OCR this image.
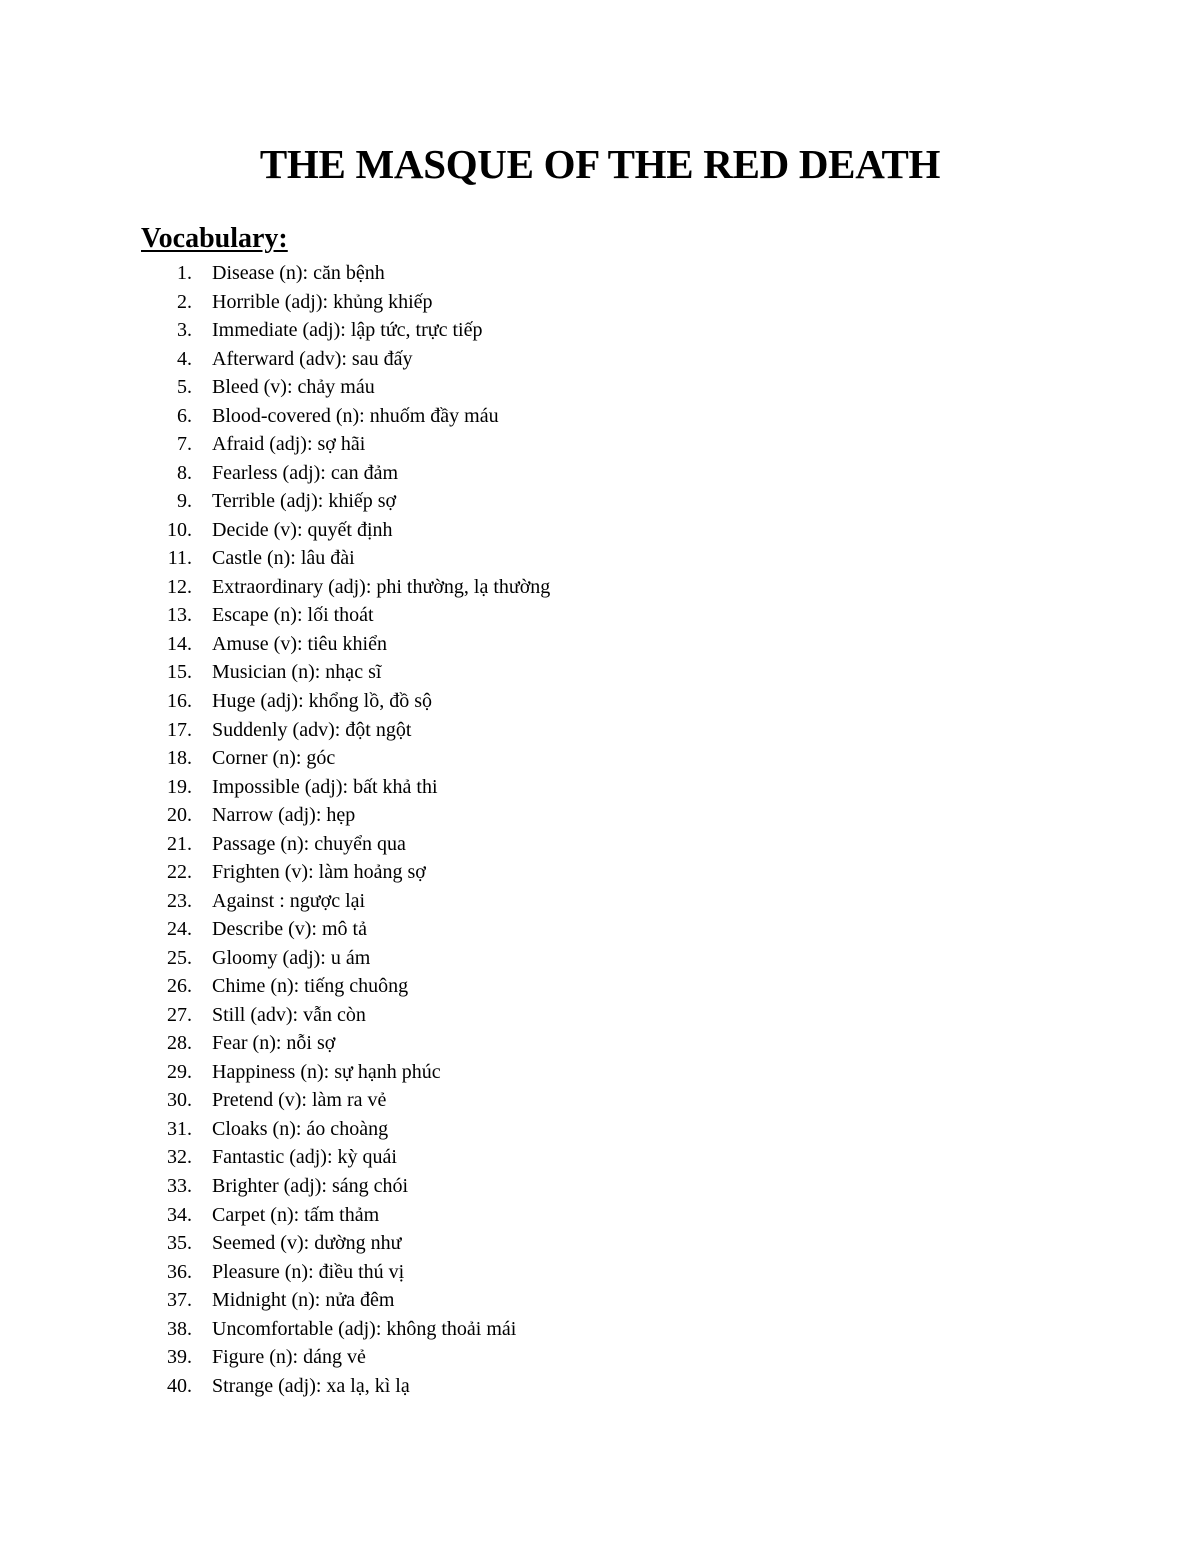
THE MASQUE OF THE RED DEATH
Vocabulary:
1. Disease (n): căn bệnh
2. Horrible (adj): khủng khiếp
3. Immediate (adj): lập tức, trực tiếp
4. Afterward (adv): sau đấy
5. Bleed (v): chảy máu
6. Blood-covered (n): nhuốm đầy máu
7. Afraid (adj): sợ hãi
8. Fearless (adj): can đảm
9. Terrible (adj): khiếp sợ
10. Decide (v): quyết định
11. Castle (n): lâu đài
12. Extraordinary (adj): phi thường, lạ thường
13. Escape (n): lối thoát
14. Amuse (v): tiêu khiển
15. Musician (n): nhạc sĩ
16. Huge (adj): khổng lồ, đồ sộ
17. Suddenly (adv): đột ngột
18. Corner (n): góc
19. Impossible (adj): bất khả thi
20. Narrow (adj): hẹp
21. Passage (n): chuyển qua
22. Frighten (v): làm hoảng sợ
23. Against : ngược lại
24. Describe (v): mô tả
25. Gloomy (adj): u ám
26. Chime (n): tiếng chuông
27. Still (adv): vẫn còn
28. Fear (n): nỗi sợ
29. Happiness (n): sự hạnh phúc
30. Pretend (v): làm ra vẻ
31. Cloaks (n): áo choàng
32. Fantastic (adj): kỳ quái
33. Brighter (adj): sáng chói
34. Carpet (n): tấm thảm
35. Seemed (v): dường như
36. Pleasure (n): điều thú vị
37. Midnight (n): nửa đêm
38. Uncomfortable (adj): không thoải mái
39. Figure (n): dáng vẻ
40. Strange (adj): xa lạ, kì lạ
